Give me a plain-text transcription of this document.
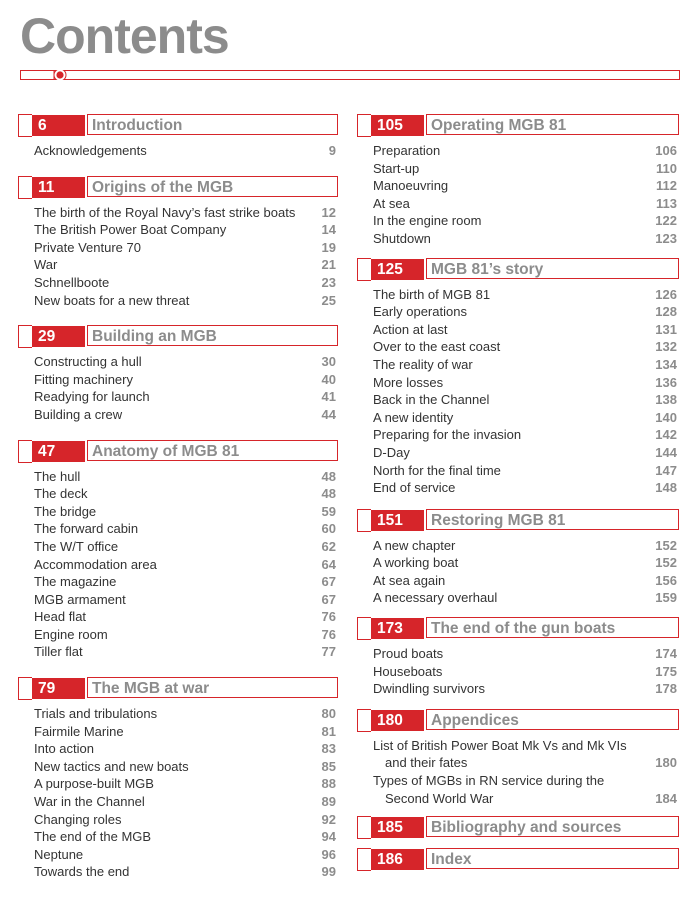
Contents
6	Introduction
Acknowledgements	9
11	Origins of the MGB
The birth of the Royal Navy’s fast strike boats 12
The British Power Boat Company	14
Private Venture 70	19
War	21
Schnellboote	23
New boats for a new threat	25
29	Building an MGB
Constructing a hull	30
Fitting machinery	40
Readying for launch	41
Building a crew	44
47	Anatomy of MGB 81
The hull	48
The deck	48
The bridge	59
The forward cabin	60
The W/T office	62
Accommodation area	64
The magazine	67
MGB armament	67
Head flat	76
Engine room	76
Tiller flat	77
79	The MGB at war
Trials and tribulations	80
Fairmile Marine	81
Into action	83
New tactics and new boats	85
A purpose-built MGB	88
War in the Channel	89
Changing roles	92
The end of the MGB	94
Neptune	96
Towards the end	99
105	Operating MGB 81
Preparation	106
Start-up	110
Manoeuvring	112
At sea	113
In the engine room	122
Shutdown	123
125	MGB 81’s story
The birth of MGB 81	126
Early operations	128
Action at last	131
Over to the east coast	132
The reality of war	134
More losses	136
Back in the Channel	138
A new identity	140
Preparing for the invasion	142
D-Day	144
North for the final time	147
End of service	148
151	Restoring MGB 81
A new chapter	152
A working boat	152
At sea again	156
A necessary overhaul	159
173	The end of the gun boats
Proud boats	174
Houseboats	175
Dwindling survivors	178
180	Appendices
List of British Power Boat Mk Vs and Mk VIs
and their fates	180
Types of MGBs in RN service during the
Second World War	184
185	Bibliography and sources
186	Index
